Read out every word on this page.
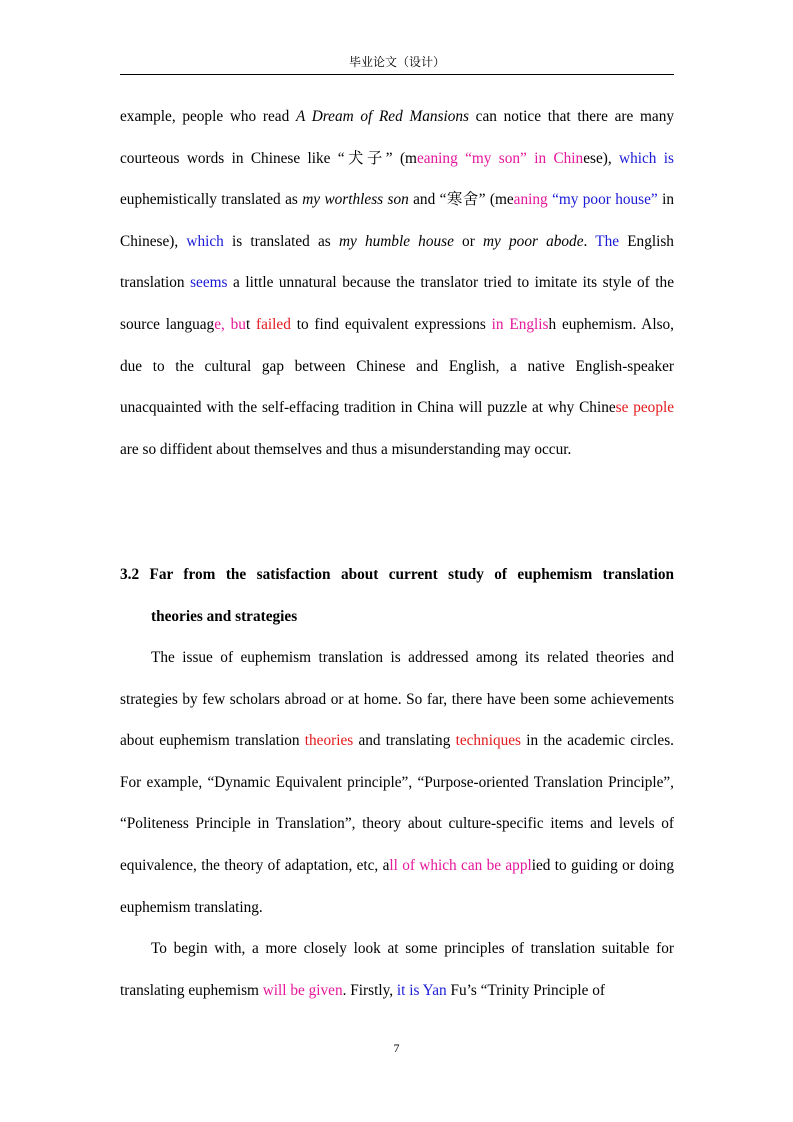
毕业论文（设计）

example, people who read A Dream of Red Mansions can notice that there are many courteous words in Chinese like “犬子” (meaning “my son” in Chinese), which is euphemistically translated as my worthless son and “寒舍” (meaning “my poor house” in Chinese), which is translated as my humble house or my poor abode. The English translation seems a little unnatural because the translator tried to imitate its style of the source language, but failed to find equivalent expressions in English euphemism. Also, due to the cultural gap between Chinese and English, a native English-speaker unacquainted with the self-effacing tradition in China will puzzle at why Chinese people are so diffident about themselves and thus a misunderstanding may occur.

3.2 Far from the satisfaction about current study of euphemism translation
theories and strategies

The issue of euphemism translation is addressed among its related theories and strategies by few scholars abroad or at home. So far, there have been some achievements about euphemism translation theories and translating techniques in the academic circles. For example, “Dynamic Equivalent principle”, “Purpose-oriented Translation Principle”, “Politeness Principle in Translation”, theory about culture-specific items and levels of equivalence, the theory of adaptation, etc, all of which can be applied to guiding or doing euphemism translating.

To begin with, a more closely look at some principles of translation suitable for translating euphemism will be given. Firstly, it is Yan Fu’s “Trinity Principle of

7
